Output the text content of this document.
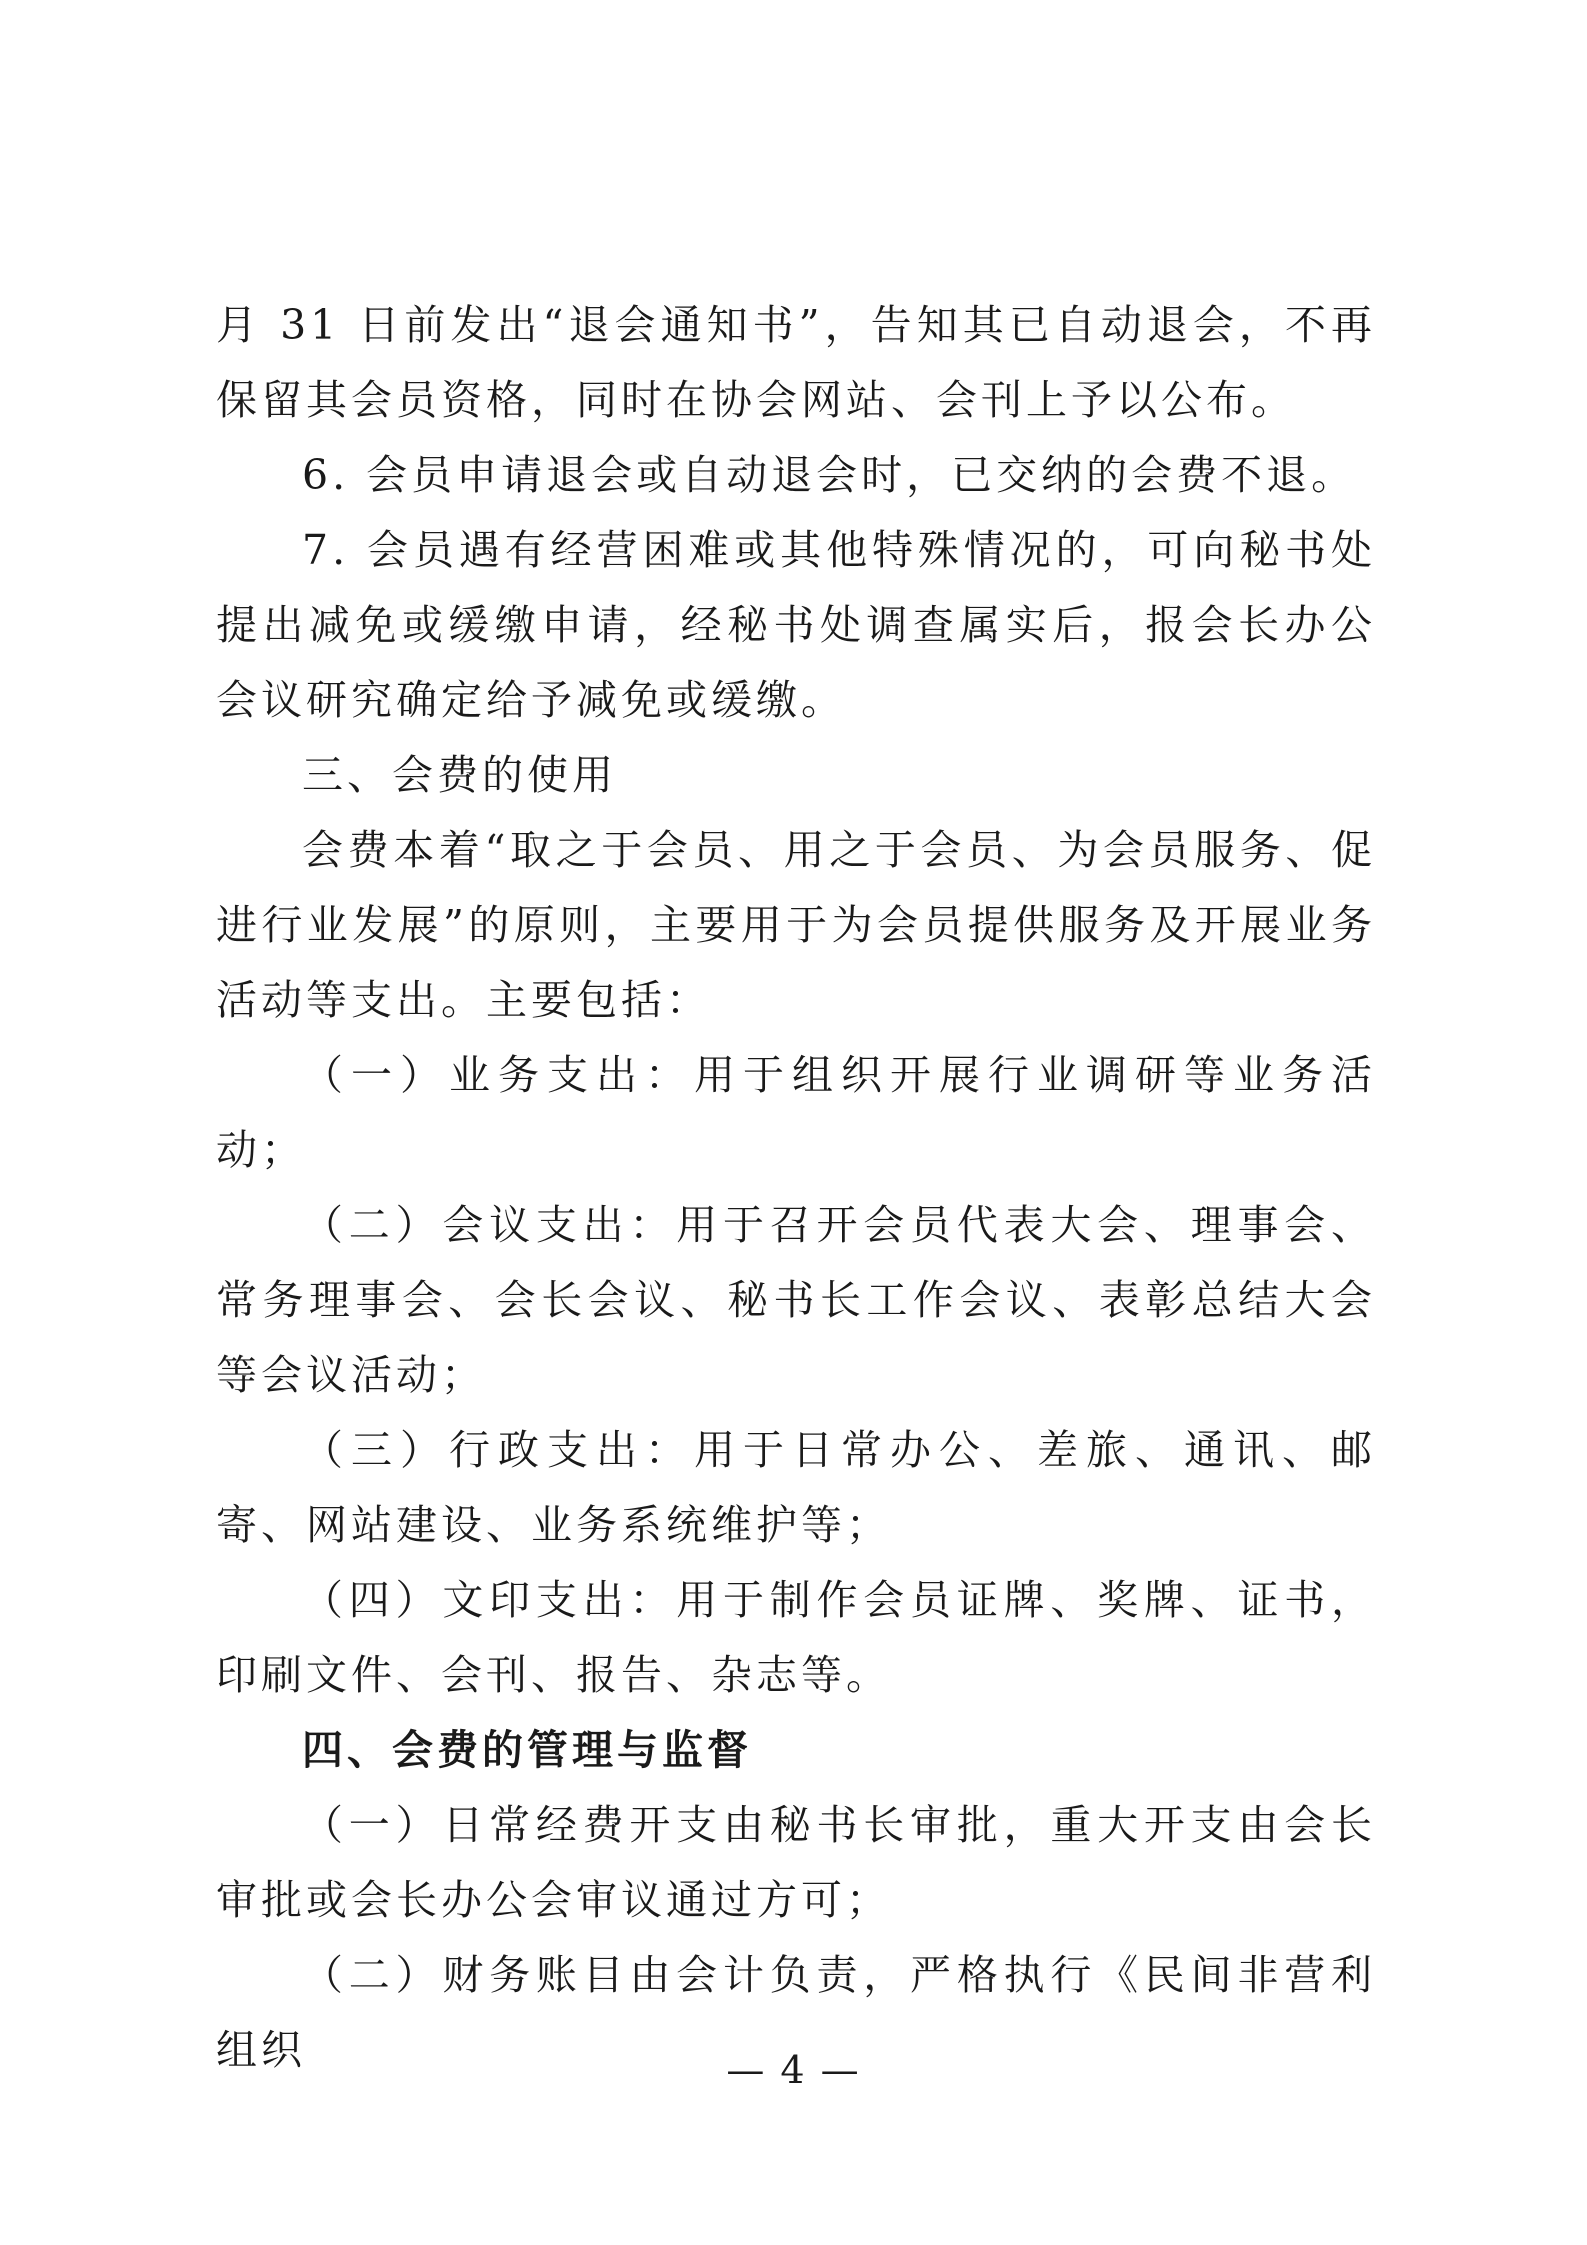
月 31 日前发出“退会通知书”，告知其已自动退会，不再保留其会员资格，同时在协会网站、会刊上予以公布。

6. 会员申请退会或自动退会时，已交纳的会费不退。

7. 会员遇有经营困难或其他特殊情况的，可向秘书处提出减免或缓缴申请，经秘书处调查属实后，报会长办公会议研究确定给予减免或缓缴。

三、会费的使用

会费本着“取之于会员、用之于会员、为会员服务、促进行业发展”的原则，主要用于为会员提供服务及开展业务活动等支出。主要包括：

（一）业务支出：用于组织开展行业调研等业务活动；

（二）会议支出：用于召开会员代表大会、理事会、常务理事会、会长会议、秘书长工作会议、表彰总结大会等会议活动；

（三）行政支出：用于日常办公、差旅、通讯、邮寄、网站建设、业务系统维护等；

（四）文印支出：用于制作会员证牌、奖牌、证书，印刷文件、会刊、报告、杂志等。

四、会费的管理与监督

（一）日常经费开支由秘书长审批，重大开支由会长审批或会长办公会审议通过方可；

（二）财务账目由会计负责，严格执行《民间非营利组织	— 4 —
